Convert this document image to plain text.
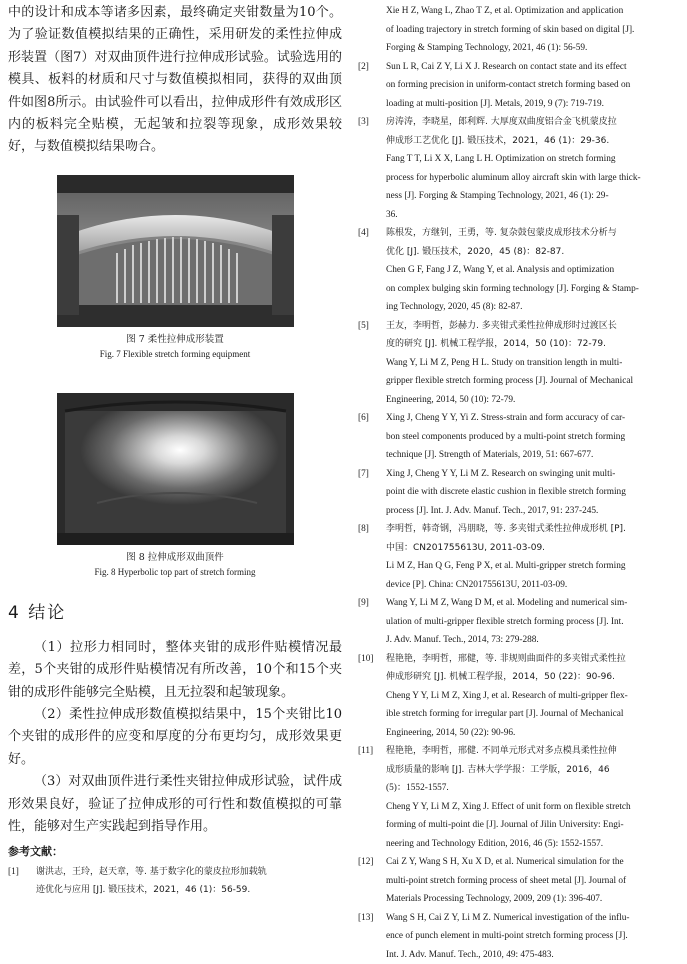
中的设计和成本等诸多因素，最终确定夹钳数量为10个。为了验证数值模拟结果的正确性，采用研发的柔性拉伸成形装置（图7）对双曲顶件进行拉伸成形试验。试验选用的模具、板料的材质和尺寸与数值模拟相同，获得的双曲顶件如图8所示。由试验件可以看出，拉伸成形件有效成形区内的板料完全贴模，无起皱和拉裂等现象，成形效果较好，与数值模拟结果吻合。

图 7 柔性拉伸成形装置
Fig. 7 Flexible stretch forming equipment
图 8 拉伸成形双曲顶件
Fig. 8 Hyperbolic top part of stretch forming
4 结论

（1）拉形力相同时，整体夹钳的成形件贴模情况最差，5个夹钳的成形件贴模情况有所改善，10个和15个夹钳的成形件能够完全贴模，且无拉裂和起皱现象。

（2）柔性拉伸成形数值模拟结果中，15个夹钳比10个夹钳的成形件的应变和厚度的分布更均匀，成形效果更好。

（3）对双曲顶件进行柔性夹钳拉伸成形试验，试件成形效果良好，验证了拉伸成形的可行性和数值模拟的可靠性，能够对生产实践起到指导作用。

参考文献：
[1]	谢洪志，王玲，赵天章，等. 基于数字化的蒙皮拉形加载轨
迹优化与应用 [J]. 锻压技术，2021，46 (1)：56-59.
Xie H Z, Wang L, Zhao T Z, et al. Optimization and application
of loading trajectory in stretch forming of skin based on digital [J].
Forging & Stamping Technology, 2021, 46 (1): 56-59.
[2]	Sun L R, Cai Z Y, Li X J. Research on contact state and its effect
on forming precision in uniform-contact stretch forming based on
loading at multi-position [J]. Metals, 2019, 9 (7): 719-719.
[3]	房涛涛，李晓星，郎利辉. 大厚度双曲度铝合金飞机蒙皮拉
伸成形工艺优化 [J]. 锻压技术，2021，46 (1)：29-36.
Fang T T, Li X X, Lang L H. Optimization on stretch forming
process for hyperbolic aluminum alloy aircraft skin with large thick-
ness [J]. Forging & Stamping Technology, 2021, 46 (1): 29-
36.
[4]	陈根发，方继钊，王勇，等. 复杂鼓包蒙皮成形技术分析与
优化 [J]. 锻压技术，2020，45 (8)：82-87.
Chen G F, Fang J Z, Wang Y, et al. Analysis and optimization
on complex bulging skin forming technology [J]. Forging & Stamp-
ing Technology, 2020, 45 (8): 82-87.
[5]	王友，李明哲，彭赫力. 多夹钳式柔性拉伸成形时过渡区长
度的研究 [J]. 机械工程学报，2014，50 (10)：72-79.
Wang Y, Li M Z, Peng H L. Study on transition length in multi-
gripper flexible stretch forming process [J]. Journal of Mechanical
Engineering, 2014, 50 (10): 72-79.
[6]	Xing J, Cheng Y Y, Yi Z. Stress-strain and form accuracy of car-
bon steel components produced by a multi-point stretch forming
technique [J]. Strength of Materials, 2019, 51: 667-677.
[7]	Xing J, Cheng Y Y, Li M Z. Research on swinging unit multi-
point die with discrete elastic cushion in flexible stretch forming
process [J]. Int. J. Adv. Manuf. Tech., 2017, 91: 237-245.
[8]	李明哲，韩奇钢，冯朋晓，等. 多夹钳式柔性拉伸成形机 [P].
中国：CN201755613U, 2011-03-09.
Li M Z, Han Q G, Feng P X, et al. Multi-gripper stretch forming
device [P]. China: CN201755613U, 2011-03-09.
[9]	Wang Y, Li M Z, Wang D M, et al. Modeling and numerical sim-
ulation of multi-gripper flexible stretch forming process [J]. Int.
J. Adv. Manuf. Tech., 2014, 73: 279-288.
[10]	程艳艳，李明哲，邢健，等. 非规则曲面件的多夹钳式柔性拉
伸成形研究 [J]. 机械工程学报，2014，50 (22)：90-96.
Cheng Y Y, Li M Z, Xing J, et al. Research of multi-gripper flex-
ible stretch forming for irregular part [J]. Journal of Mechanical
Engineering, 2014, 50 (22): 90-96.
[11]	程艳艳，李明哲，邢健. 不同单元形式对多点模具柔性拉伸
成形质量的影响 [J]. 吉林大学学报：工学版，2016，46
(5)：1552-1557.
Cheng Y Y, Li M Z, Xing J. Effect of unit form on flexible stretch
forming of multi-point die [J]. Journal of Jilin University: Engi-
neering and Technology Edition, 2016, 46 (5): 1552-1557.
[12]	Cai Z Y, Wang S H, Xu X D, et al. Numerical simulation for the
multi-point stretch forming process of sheet metal [J]. Journal of
Materials Processing Technology, 2009, 209 (1): 396-407.
[13]	Wang S H, Cai Z Y, Li M Z. Numerical investigation of the influ-
ence of punch element in multi-point stretch forming process [J].
Int. J. Adv. Manuf. Tech., 2010, 49: 475-483.
